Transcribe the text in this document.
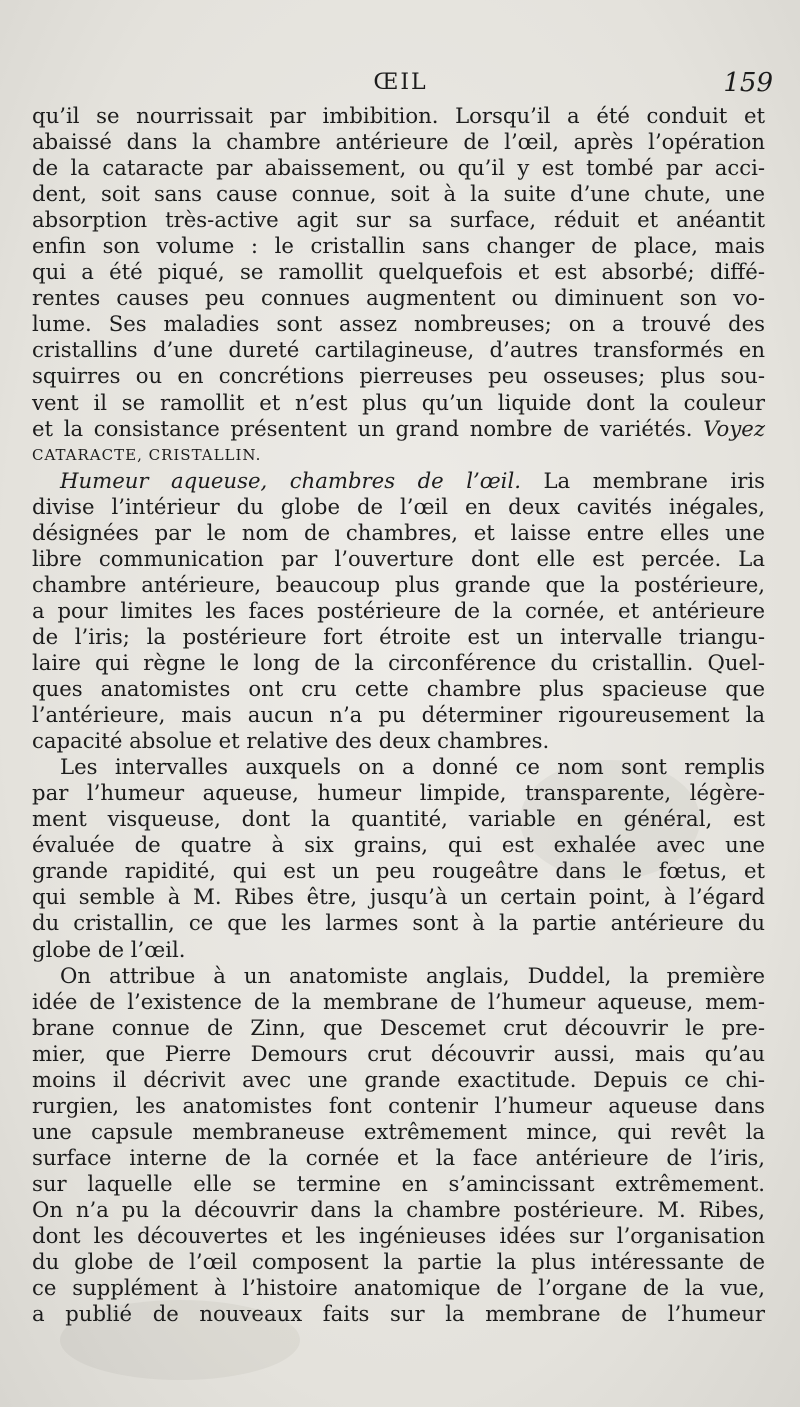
ŒIL	159

qu’il se nourrissait par imbibition. Lorsqu’il a été conduit et
abaissé dans la chambre antérieure de l’œil, après l’opération
de la cataracte par abaissement, ou qu’il y est tombé par acci-
dent, soit sans cause connue, soit à la suite d’une chute, une
absorption très-active agit sur sa surface, réduit et anéantit
enfin son volume : le cristallin sans changer de place, mais
qui a été piqué, se ramollit quelquefois et est absorbé; diffé-
rentes causes peu connues augmentent ou diminuent son vo-
lume. Ses maladies sont assez nombreuses; on a trouvé des
cristallins d’une dureté cartilagineuse, d’autres transformés en
squirres ou en concrétions pierreuses peu osseuses; plus sou-
vent il se ramollit et n’est plus qu’un liquide dont la couleur
et la consistance présentent un grand nombre de variétés. Voyez
CATARACTE, CRISTALLIN.

Humeur aqueuse, chambres de l’œil. La membrane iris
divise l’intérieur du globe de l’œil en deux cavités inégales,
désignées par le nom de chambres, et laisse entre elles une
libre communication par l’ouverture dont elle est percée. La
chambre antérieure, beaucoup plus grande que la postérieure,
a pour limites les faces postérieure de la cornée, et antérieure
de l’iris; la postérieure fort étroite est un intervalle triangu-
laire qui règne le long de la circonférence du cristallin. Quel-
ques anatomistes ont cru cette chambre plus spacieuse que
l’antérieure, mais aucun n’a pu déterminer rigoureusement la
capacité absolue et relative des deux chambres.

Les intervalles auxquels on a donné ce nom sont remplis
par l’humeur aqueuse, humeur limpide, transparente, légère-
ment visqueuse, dont la quantité, variable en général, est
évaluée de quatre à six grains, qui est exhalée avec une
grande rapidité, qui est un peu rougeâtre dans le fœtus, et
qui semble à M. Ribes être, jusqu’à un certain point, à l’égard
du cristallin, ce que les larmes sont à la partie antérieure du
globe de l’œil.

On attribue à un anatomiste anglais, Duddel, la première
idée de l’existence de la membrane de l’humeur aqueuse, mem-
brane connue de Zinn, que Descemet crut découvrir le pre-
mier, que Pierre Demours crut découvrir aussi, mais qu’au
moins il décrivit avec une grande exactitude. Depuis ce chi-
rurgien, les anatomistes font contenir l’humeur aqueuse dans
une capsule membraneuse extrêmement mince, qui revêt la
surface interne de la cornée et la face antérieure de l’iris,
sur laquelle elle se termine en s’amincissant extrêmement.
On n’a pu la découvrir dans la chambre postérieure. M. Ribes,
dont les découvertes et les ingénieuses idées sur l’organisation
du globe de l’œil composent la partie la plus intéressante de
ce supplément à l’histoire anatomique de l’organe de la vue,
a publié de nouveaux faits sur la membrane de l’humeur
